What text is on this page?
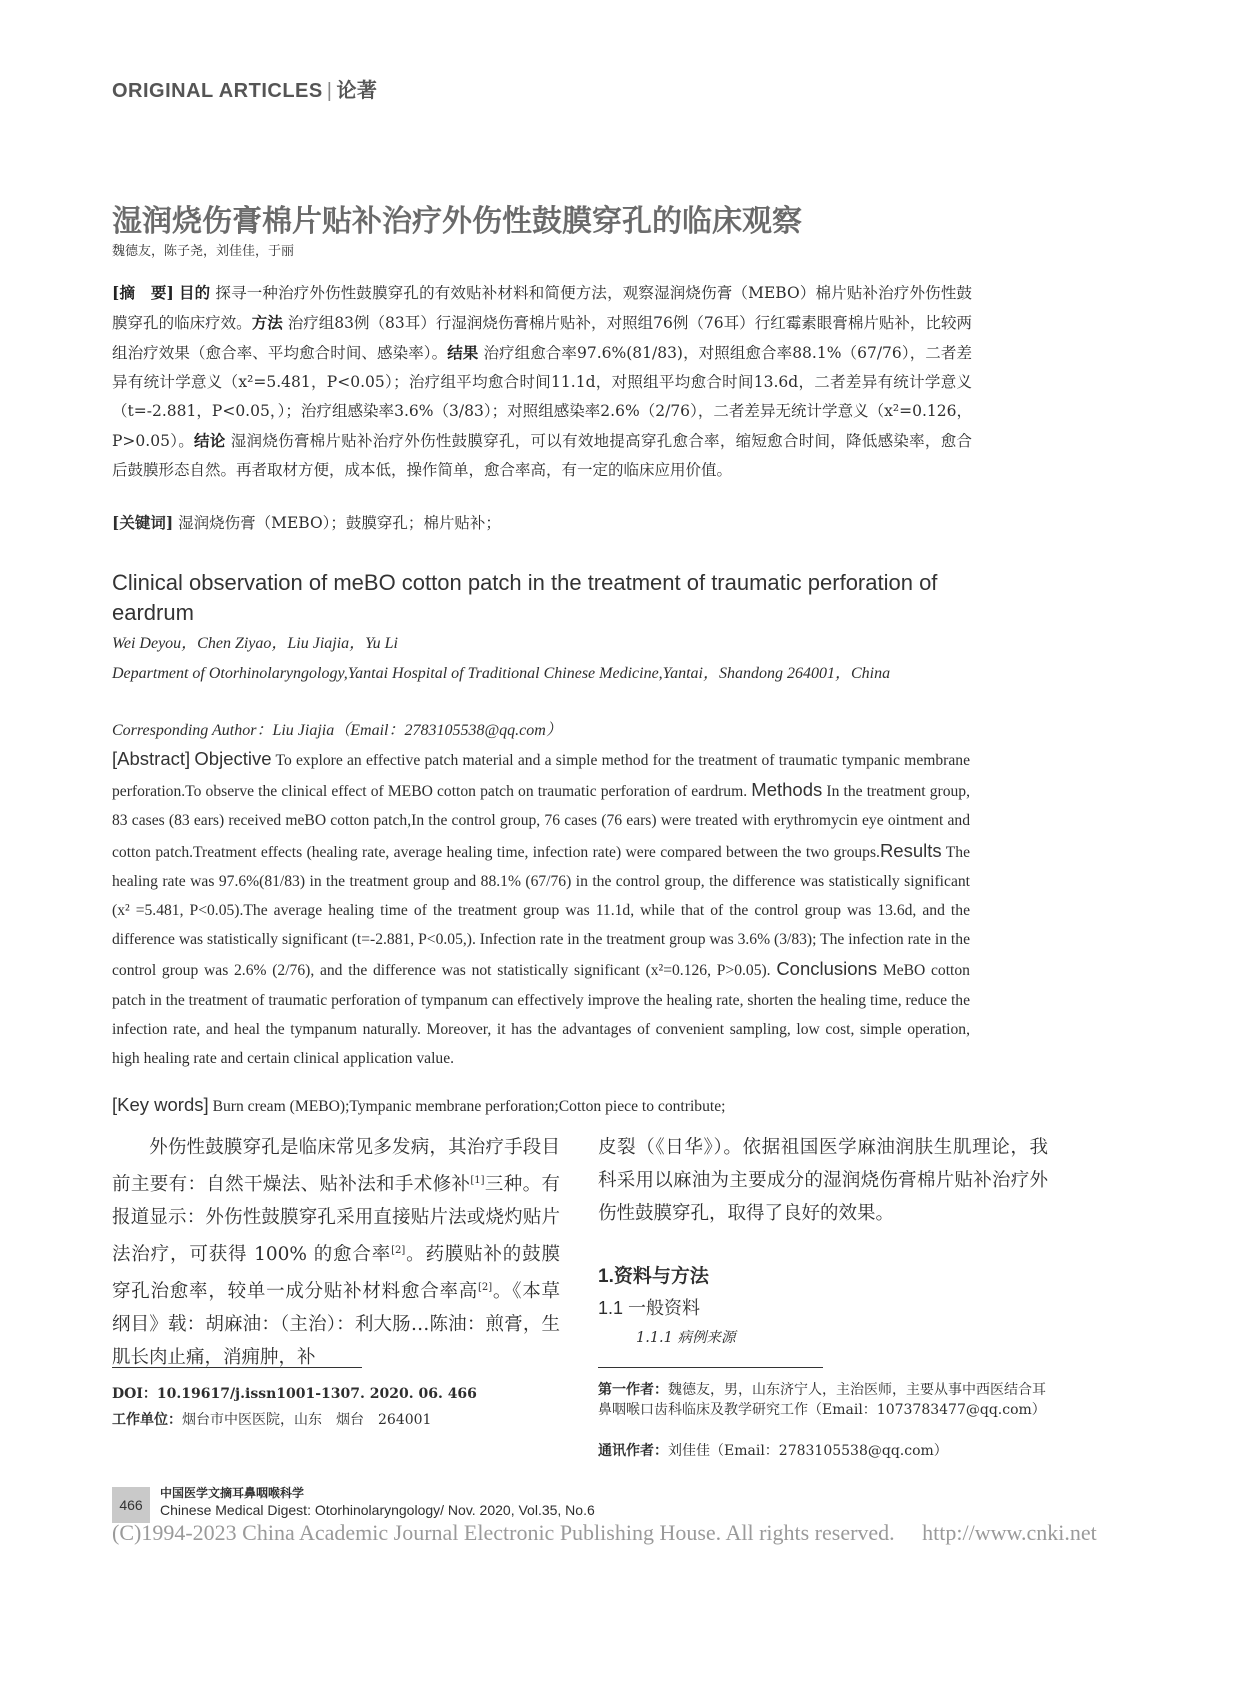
ORIGINAL ARTICLES | 论著
湿润烧伤膏棉片贴补治疗外伤性鼓膜穿孔的临床观察
魏德友，陈子尧，刘佳佳，于丽
[摘　要] 目的 探寻一种治疗外伤性鼓膜穿孔的有效贴补材料和简便方法，观察湿润烧伤膏（MEBO）棉片贴补治疗外伤性鼓膜穿孔的临床疗效。方法 治疗组83例（83耳）行湿润烧伤膏棉片贴补，对照组76例（76耳）行红霉素眼膏棉片贴补，比较两组治疗效果（愈合率、平均愈合时间、感染率）。结果 治疗组愈合率97.6%(81/83)，对照组愈合率88.1%（67/76），二者差异有统计学意义（x²=5.481，P<0.05）；治疗组平均愈合时间11.1d，对照组平均愈合时间13.6d，二者差异有统计学意义（t=-2.881，P<0.05，）；治疗组感染率3.6%（3/83）；对照组感染率2.6%（2/76），二者差异无统计学意义（x²=0.126，P>0.05）。结论 湿润烧伤膏棉片贴补治疗外伤性鼓膜穿孔，可以有效地提高穿孔愈合率，缩短愈合时间，降低感染率，愈合后鼓膜形态自然。再者取材方便，成本低，操作简单，愈合率高，有一定的临床应用价值。
[关键词] 湿润烧伤膏（MEBO）；鼓膜穿孔；棉片贴补；
Clinical observation of meBO cotton patch in the treatment of traumatic perforation of eardrum
Wei Deyou，Chen Ziyao，Liu Jiajia，Yu Li
Department of Otorhinolaryngology,Yantai Hospital of Traditional Chinese Medicine,Yantai，Shandong 264001，China
Corresponding Author：Liu Jiajia（Email：2783105538@qq.com）
[Abstract] Objective To explore an effective patch material and a simple method for the treatment of traumatic tympanic membrane perforation.To observe the clinical effect of MEBO cotton patch on traumatic perforation of eardrum. Methods In the treatment group, 83 cases (83 ears) received meBO cotton patch,In the control group, 76 cases (76 ears) were treated with erythromycin eye ointment and cotton patch.Treatment effects (healing rate, average healing time, infection rate) were compared between the two groups.Results The healing rate was 97.6%(81/83) in the treatment group and 88.1% (67/76) in the control group, the difference was statistically significant (x² =5.481, P<0.05).The average healing time of the treatment group was 11.1d, while that of the control group was 13.6d, and the difference was statistically significant (t=-2.881, P<0.05,). Infection rate in the treatment group was 3.6% (3/83); The infection rate in the control group was 2.6% (2/76), and the difference was not statistically significant (x²=0.126, P>0.05). Conclusions MeBO cotton patch in the treatment of traumatic perforation of tympanum can effectively improve the healing rate, shorten the healing time, reduce the infection rate, and heal the tympanum naturally. Moreover, it has the advantages of convenient sampling, low cost, simple operation, high healing rate and certain clinical application value.
[Key words] Burn cream (MEBO);Tympanic membrane perforation;Cotton piece to contribute;
  外伤性鼓膜穿孔是临床常见多发病，其治疗手段目前主要有：自然干燥法、贴补法和手术修补[1]三种。有报道显示：外伤性鼓膜穿孔采用直接贴片法或烧灼贴片法治疗，可获得 100% 的愈合率[2]。药膜贴补的鼓膜穿孔治愈率，较单一成分贴补材料愈合率高[2]。《本草纲目》载：胡麻油：（主治）：利大肠…陈油：煎膏，生肌长肉止痛，消痈肿，补
皮裂（《日华》）。依据祖国医学麻油润肤生肌理论，我科采用以麻油为主要成分的湿润烧伤膏棉片贴补治疗外伤性鼓膜穿孔，取得了良好的效果。
1.资料与方法
1.1 一般资料
1.1.1 病例来源
DOI：10.19617/j.issn1001-1307. 2020. 06. 466
工作单位：烟台市中医医院，山东　烟台　264001
第一作者：魏德友，男，山东济宁人，主治医师，主要从事中西医结合耳鼻咽喉口齿科临床及教学研究工作（Email：1073783477@qq.com）
通讯作者：刘佳佳（Email：2783105538@qq.com）
466
中国医学文摘耳鼻咽喉科学
Chinese Medical Digest: Otorhinolaryngology/ Nov. 2020, Vol.35, No.6
(C)1994-2023 China Academic Journal Electronic Publishing House. All rights reserved.　 http://www.cnki.net
